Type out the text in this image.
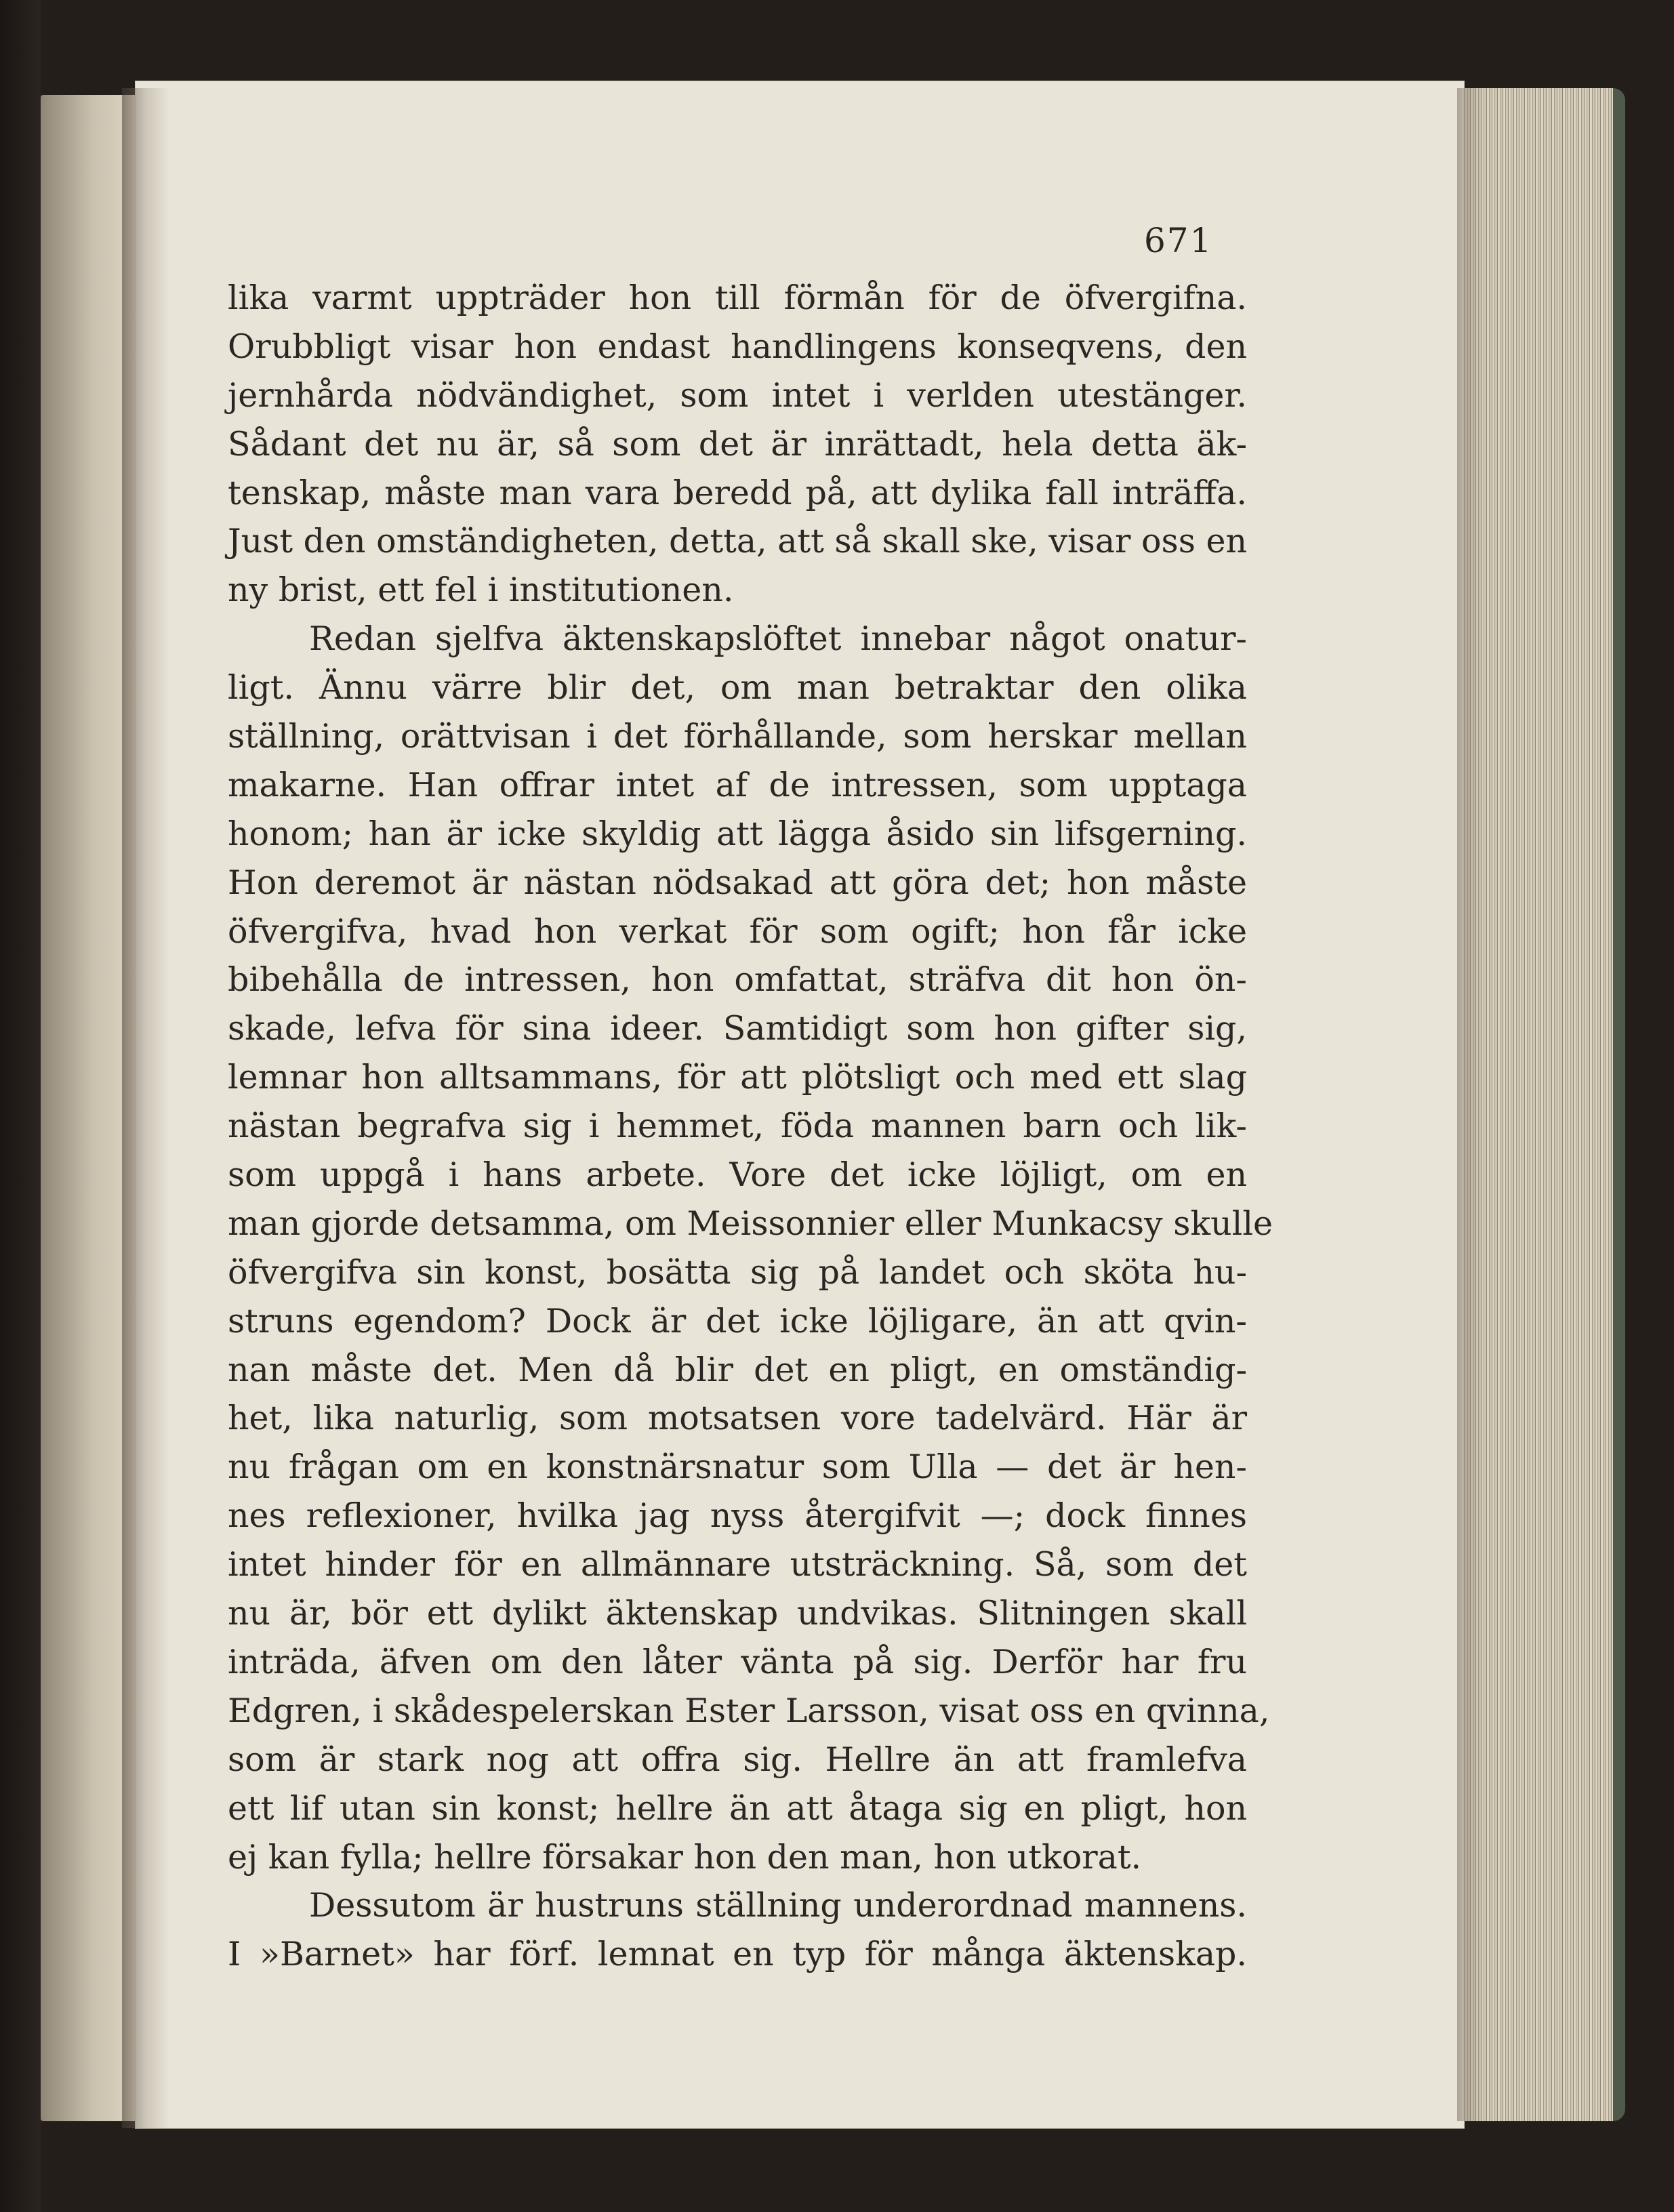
671
lika varmt uppträder hon till förmån för de öfvergifna.
Orubbligt visar hon endast handlingens konseqvens, den
jernhårda nödvändighet, som intet i verlden utestänger.
Sådant det nu är, så som det är inrättadt, hela detta äk-
tenskap, måste man vara beredd på, att dylika fall inträffa.
Just den omständigheten, detta, att så skall ske, visar oss en
ny brist, ett fel i institutionen.
Redan sjelfva äktenskapslöftet innebar något onatur-
ligt. Ännu värre blir det, om man betraktar den olika
ställning, orättvisan i det förhållande, som herskar mellan
makarne. Han offrar intet af de intressen, som upptaga
honom; han är icke skyldig att lägga åsido sin lifsgerning.
Hon deremot är nästan nödsakad att göra det; hon måste
öfvergifva, hvad hon verkat för som ogift; hon får icke
bibehålla de intressen, hon omfattat, sträfva dit hon ön-
skade, lefva för sina ideer. Samtidigt som hon gifter sig,
lemnar hon alltsammans, för att plötsligt och med ett slag
nästan begrafva sig i hemmet, föda mannen barn och lik-
som uppgå i hans arbete. Vore det icke löjligt, om en
man gjorde detsamma, om Meissonnier eller Munkacsy skulle
öfvergifva sin konst, bosätta sig på landet och sköta hu-
struns egendom? Dock är det icke löjligare, än att qvin-
nan måste det. Men då blir det en pligt, en omständig-
het, lika naturlig, som motsatsen vore tadelvärd. Här är
nu frågan om en konstnärsnatur som Ulla — det är hen-
nes reflexioner, hvilka jag nyss återgifvit —; dock finnes
intet hinder för en allmännare utsträckning. Så, som det
nu är, bör ett dylikt äktenskap undvikas. Slitningen skall
inträda, äfven om den låter vänta på sig. Derför har fru
Edgren, i skådespelerskan Ester Larsson, visat oss en qvinna,
som är stark nog att offra sig. Hellre än att framlefva
ett lif utan sin konst; hellre än att åtaga sig en pligt, hon
ej kan fylla; hellre försakar hon den man, hon utkorat.
Dessutom är hustruns ställning underordnad mannens.
I »Barnet» har förf. lemnat en typ för många äktenskap.
